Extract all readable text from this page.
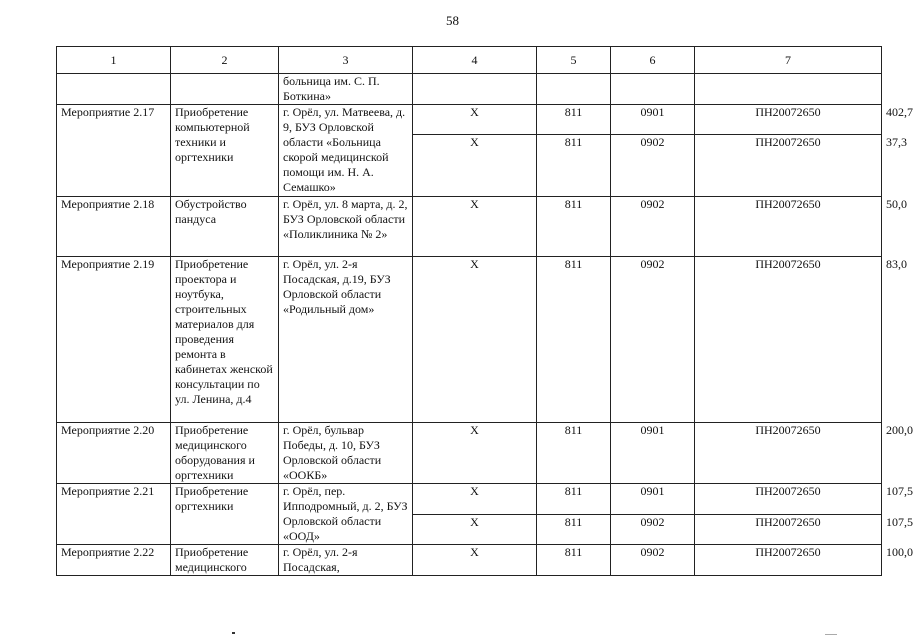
58
1	2	3	4	5	6	7	
		больница им. С. П. Боткина»					
Мероприятие 2.17	Приобретение компьютерной техники и оргтехники	г. Орёл, ул. Матвеева, д. 9, БУЗ Орловской области «Больница скорой медицинской помощи им. Н. А. Семашко»	Х	811	0901	ПН20072650	402,7
			Х	811	0902	ПН20072650	37,3
Мероприятие 2.18	Обустройство пандуса	г. Орёл, ул. 8 марта, д. 2, БУЗ Орловской области «Поликлиника № 2»	Х	811	0902	ПН20072650	50,0
Мероприятие 2.19	Приобретение проектора и ноутбука, строительных материалов для проведения ремонта в кабинетах женской консультации по ул. Ленина, д.4	г. Орёл, ул. 2-я Посадская, д.19, БУЗ Орловской области «Родильный дом»	Х	811	0902	ПН20072650	83,0
Мероприятие 2.20	Приобретение медицинского оборудования и оргтехники	г. Орёл, бульвар Победы, д. 10, БУЗ Орловской области «ООКБ»	Х	811	0901	ПН20072650	200,0
Мероприятие 2.21	Приобретение оргтехники	г. Орёл, пер. Ипподромный, д. 2, БУЗ Орловской области «ООД»	Х	811	0901	ПН20072650	107,5
			Х	811	0902	ПН20072650	107,5
Мероприятие 2.22	Приобретение медицинского	г. Орёл, ул. 2-я Посадская,	Х	811	0902	ПН20072650	100,0
